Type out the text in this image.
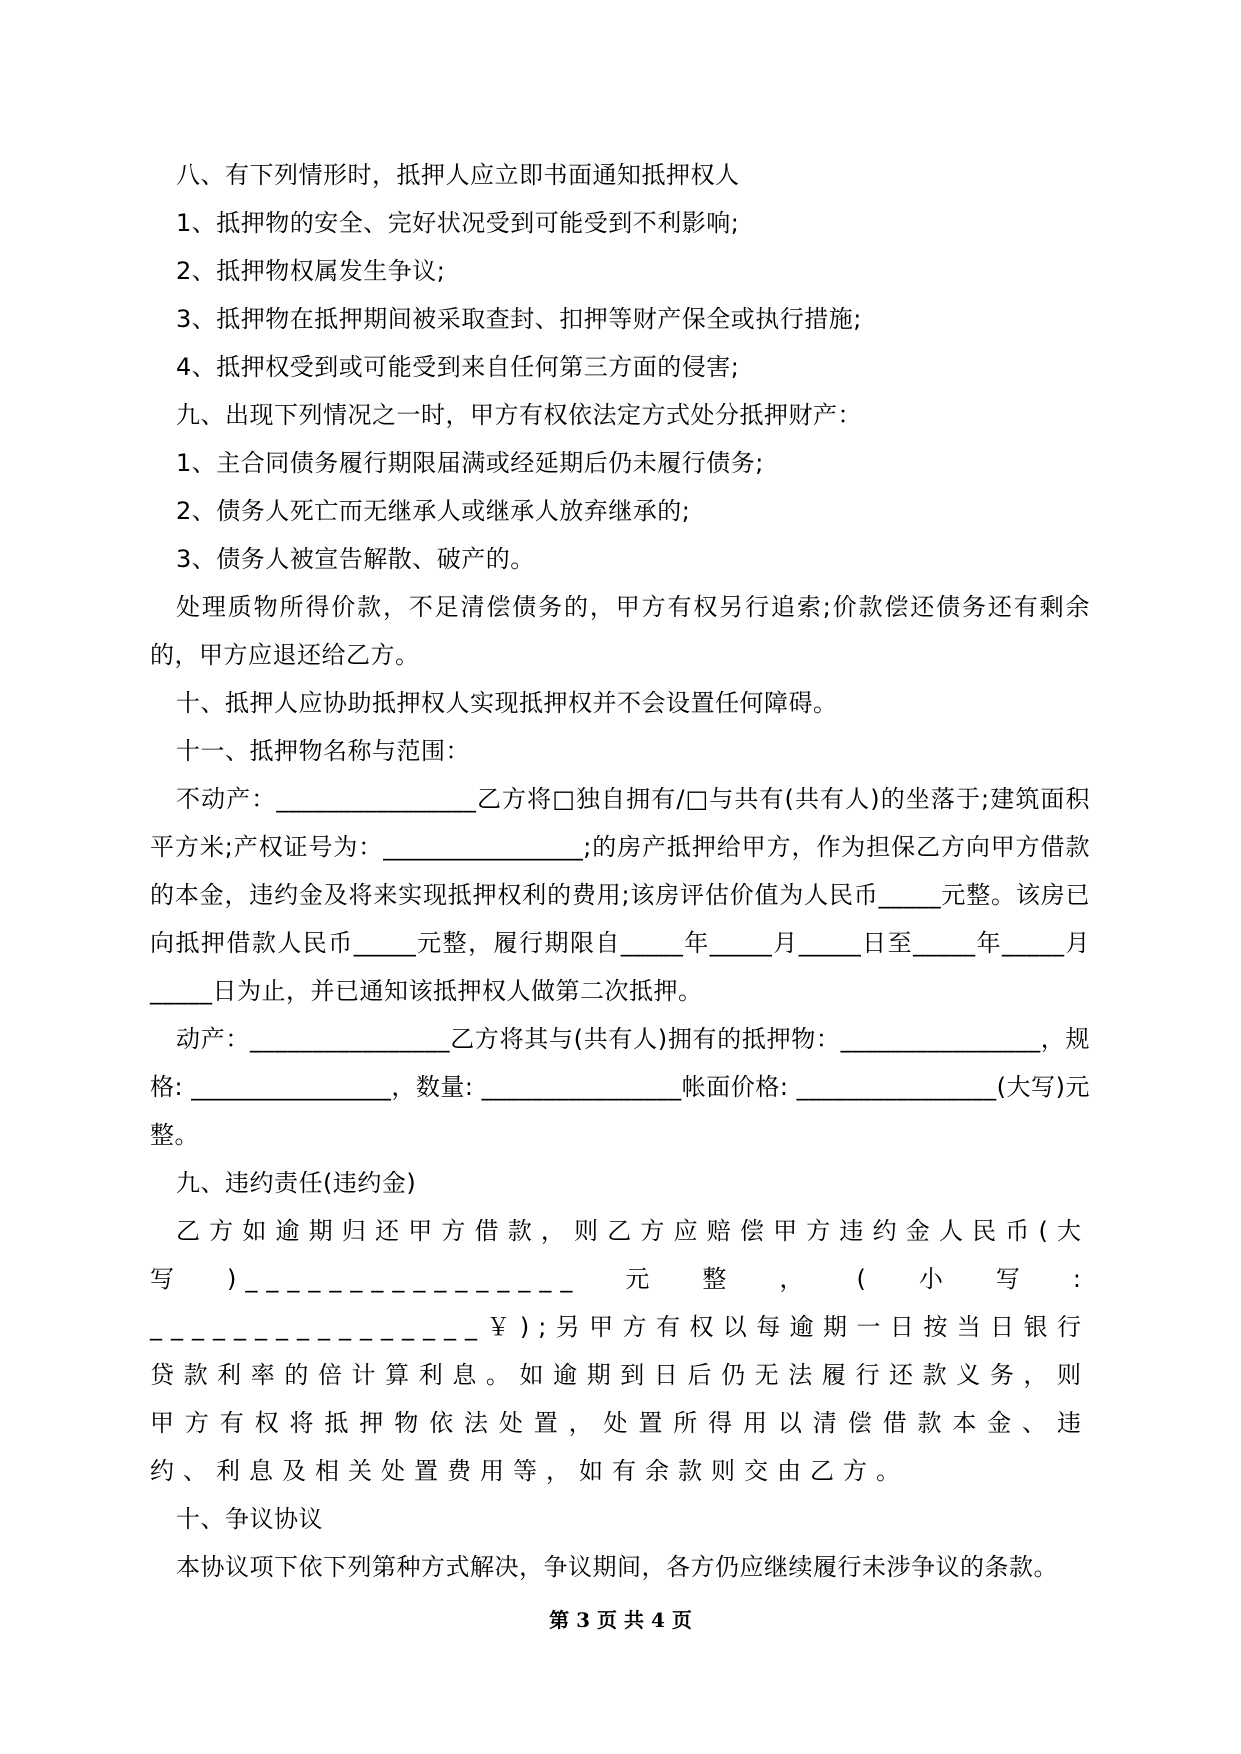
八、有下列情形时，抵押人应立即书面通知抵押权人

1、抵押物的安全、完好状况受到可能受到不利影响;

2、抵押物权属发生争议;

3、抵押物在抵押期间被采取查封、扣押等财产保全或执行措施;

4、抵押权受到或可能受到来自任何第三方面的侵害;

九、出现下列情况之一时，甲方有权依法定方式处分抵押财产：

1、主合同债务履行期限届满或经延期后仍未履行债务;

2、债务人死亡而无继承人或继承人放弃继承的;

3、债务人被宣告解散、破产的。

处理质物所得价款，不足清偿债务的，甲方有权另行追索;价款偿还债务还有剩余的，甲方应退还给乙方。

十、抵押人应协助抵押权人实现抵押权并不会设置任何障碍。

十一、抵押物名称与范围：

不动产：________________乙方将□独自拥有/□与共有(共有人)的坐落于;建筑面积平方米;产权证号为：________________;的房产抵押给甲方，作为担保乙方向甲方借款的本金，违约金及将来实现抵押权利的费用;该房评估价值为人民币_____元整。该房已向抵押借款人民币_____元整，履行期限自_____年_____月_____日至_____年_____月_____日为止，并已通知该抵押权人做第二次抵押。

动产：________________乙方将其与(共有人)拥有的抵押物：________________，规格: ________________，数量: ________________帐面价格: ________________(大写)元整。

九、违约责任(违约金)

乙方如逾期归还甲方借款，则乙方应赔偿甲方违约金人民币(大写)________________元整，(小写: ________________￥);另甲方有权以每逾期一日按当日银行贷款利率的倍计算利息。如逾期到日后仍无法履行还款义务，则甲方有权将抵押物依法处置，处置所得用以清偿借款本金、违约、利息及相关处置费用等，如有余款则交由乙方。

十、争议协议

本协议项下依下列第种方式解决，争议期间，各方仍应继续履行未涉争议的条款。

第 3 页 共 4 页
